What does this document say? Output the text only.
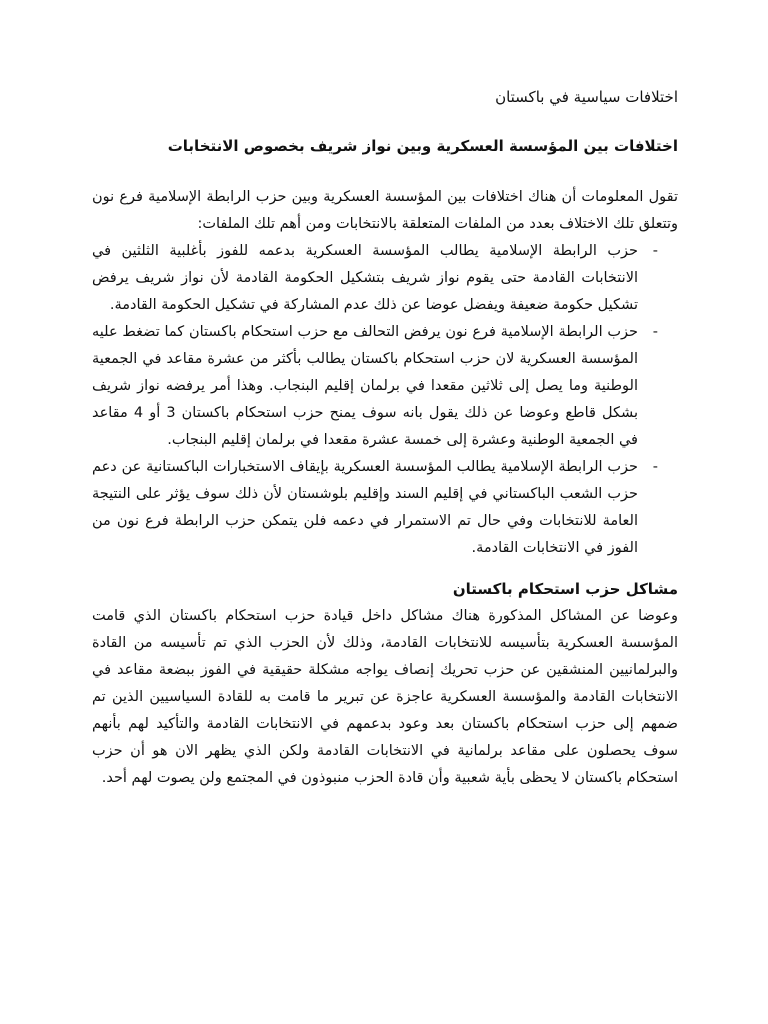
اختلافات سياسية في باكستان

اختلافات بين المؤسسة العسكرية وبين نواز شريف بخصوص الانتخابات

تقول المعلومات أن هناك اختلافات بين المؤسسة العسكرية وبين حزب الرابطة الإسلامية فرع نون وتتعلق تلك الاختلاف بعدد من الملفات المتعلقة بالانتخابات ومن أهم تلك الملفات:

-
حزب الرابطة الإسلامية يطالب المؤسسة العسكرية بدعمه للفوز بأغلبية الثلثين في الانتخابات القادمة حتى يقوم نواز شريف بتشكيل الحكومة القادمة لأن نواز شريف يرفض تشكيل حكومة ضعيفة ويفضل عوضا عن ذلك عدم المشاركة في تشكيل الحكومة القادمة.
-
حزب الرابطة الإسلامية فرع نون يرفض التحالف مع حزب استحكام باكستان كما تضغط عليه المؤسسة العسكرية لان حزب استحكام باكستان يطالب بأكثر من عشرة مقاعد في الجمعية الوطنية وما يصل إلى ثلاثين مقعدا في برلمان إقليم البنجاب. وهذا أمر يرفضه نواز شريف بشكل قاطع وعوضا عن ذلك يقول بانه سوف يمنح حزب استحكام باكستان 3 أو 4 مقاعد في الجمعية الوطنية وعشرة إلى خمسة عشرة مقعدا في برلمان إقليم البنجاب.
-
حزب الرابطة الإسلامية يطالب المؤسسة العسكرية بإيقاف الاستخبارات الباكستانية عن دعم حزب الشعب الباكستاني في إقليم السند وإقليم بلوشستان لأن ذلك سوف يؤثر على النتيجة العامة للانتخابات وفي حال تم الاستمرار في دعمه فلن يتمكن حزب الرابطة فرع نون من الفوز في الانتخابات القادمة.

مشاكل حزب استحكام باكستان

وعوضا عن المشاكل المذكورة هناك مشاكل داخل قيادة حزب استحكام باكستان الذي قامت المؤسسة العسكرية بتأسيسه للانتخابات القادمة، وذلك لأن الحزب الذي تم تأسيسه من القادة والبرلمانيين المنشقين عن حزب تحريك إنصاف يواجه مشكلة حقيقية في الفوز ببضعة مقاعد في الانتخابات القادمة والمؤسسة العسكرية عاجزة عن تبرير ما قامت به للقادة السياسيين الذين تم ضمهم إلى حزب استحكام باكستان بعد وعود بدعمهم في الانتخابات القادمة والتأكيد لهم بأنهم سوف يحصلون على مقاعد برلمانية في الانتخابات القادمة ولكن الذي يظهر الان هو أن حزب استحكام باكستان لا يحظى بأية شعبية وأن قادة الحزب منبوذون في المجتمع ولن يصوت لهم أحد.
